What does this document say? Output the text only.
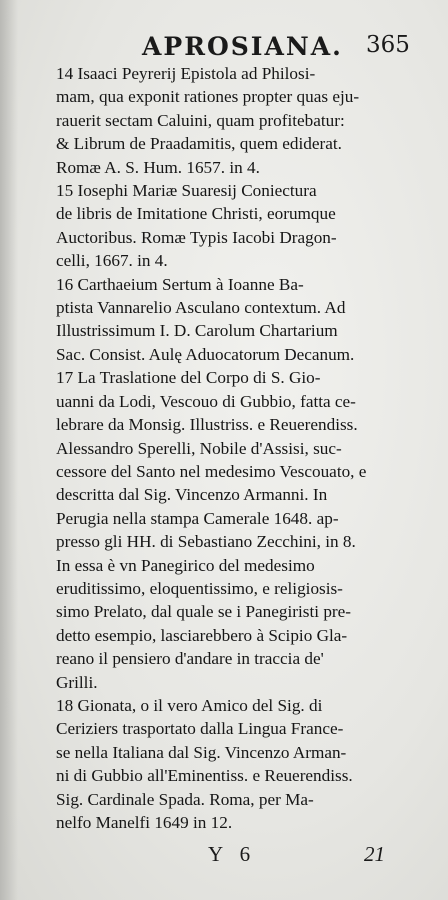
APROSIANA. 365
14 Isaaci Peyrerij Epistola ad Philosi-
mam, qua exponit rationes propter quas eju-
rauerit sectam Caluini, quam profitebatur:
& Librum de Praadamitis, quem ediderat.
Romæ A. S. Hum. 1657. in 4.
15 Iosephi Mariæ Suaresij Coniectura
de libris de Imitatione Christi, eorumque
Auctoribus. Romæ Typis Iacobi Dragon-
celli, 1667. in 4.
16 Carthaeium Sertum à Ioanne Ba-
ptista Vannarelio Asculano contextum. Ad
Illustrissimum I. D. Carolum Chartarium
Sac. Consist. Aulę Aduocatorum Decanum.
17 La Traslatione del Corpo di S. Gio-
uanni da Lodi, Vescouo di Gubbio, fatta ce-
lebrare da Monsig. Illustriss. e Reuerendiss.
Alessandro Sperelli, Nobile d'Assisi, suc-
cessore del Santo nel medesimo Vescouato, e
descritta dal Sig. Vincenzo Armanni. In
Perugia nella stampa Camerale 1648. ap-
presso gli HH. di Sebastiano Zecchini, in 8.
In essa è vn Panegirico del medesimo
eruditissimo, eloquentissimo, e religiosis-
simo Prelato, dal quale se i Panegiristi pre-
detto esempio, lasciarebbero à Scipio Gla-
reano il pensiero d'andare in traccia de'
Grilli.
18 Gionata, o il vero Amico del Sig. di
Ceriziers trasportato dalla Lingua France-
se nella Italiana dal Sig. Vincenzo Arman-
ni di Gubbio all'Eminentiss. e Reuerendiss.
Sig. Cardinale Spada. Roma, per Ma-
nelfo Manelfi 1649 in 12.
Y 6	21
